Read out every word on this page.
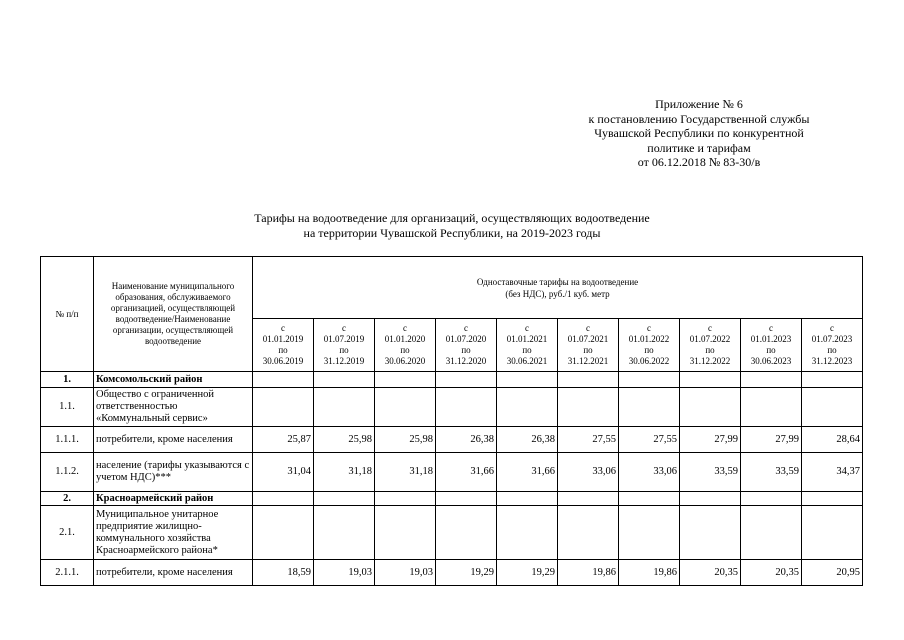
Приложение № 6
к постановлению Государственной службы
Чувашской Республики по конкурентной
политике и тарифам
от 06.12.2018 № 83-30/в
Тарифы на водоотведение для организаций, осуществляющих водоотведение
на территории Чувашской Республики, на 2019-2023 годы
№ п/п	Наименование муниципального образования, обслуживаемого организацией, осуществляющей водоотведение/Наименование организации, осуществляющей водоотведение	Одноставочные тарифы на водоотведение
(без НДС), руб./1 куб. метр									

		с
01.01.2019
по
30.06.2019	с
01.07.2019
по
31.12.2019	с
01.01.2020
по
30.06.2020	с
01.07.2020
по
31.12.2020	с
01.01.2021
по
30.06.2021	с
01.07.2021
по
31.12.2021	с
01.01.2022
по
30.06.2022	с
01.07.2022
по
31.12.2022	с
01.01.2023
по
30.06.2023	с
01.07.2023
по
31.12.2023

1.	Комсомольский район										
1.1.	Общество с ограниченной ответственностью «Коммунальный сервис»										
1.1.1.	потребители, кроме населения	25,87	25,98	25,98	26,38	26,38	27,55	27,55	27,99	27,99	28,64
1.1.2.	население (тарифы указываются с учетом НДС)***	31,04	31,18	31,18	31,66	31,66	33,06	33,06	33,59	33,59	34,37
2.	Красноармейский район										
2.1.	Муниципальное унитарное предприятие жилищно-коммунального хозяйства Красноармейского района*										
2.1.1.	потребители, кроме населения	18,59	19,03	19,03	19,29	19,29	19,86	19,86	20,35	20,35	20,95
